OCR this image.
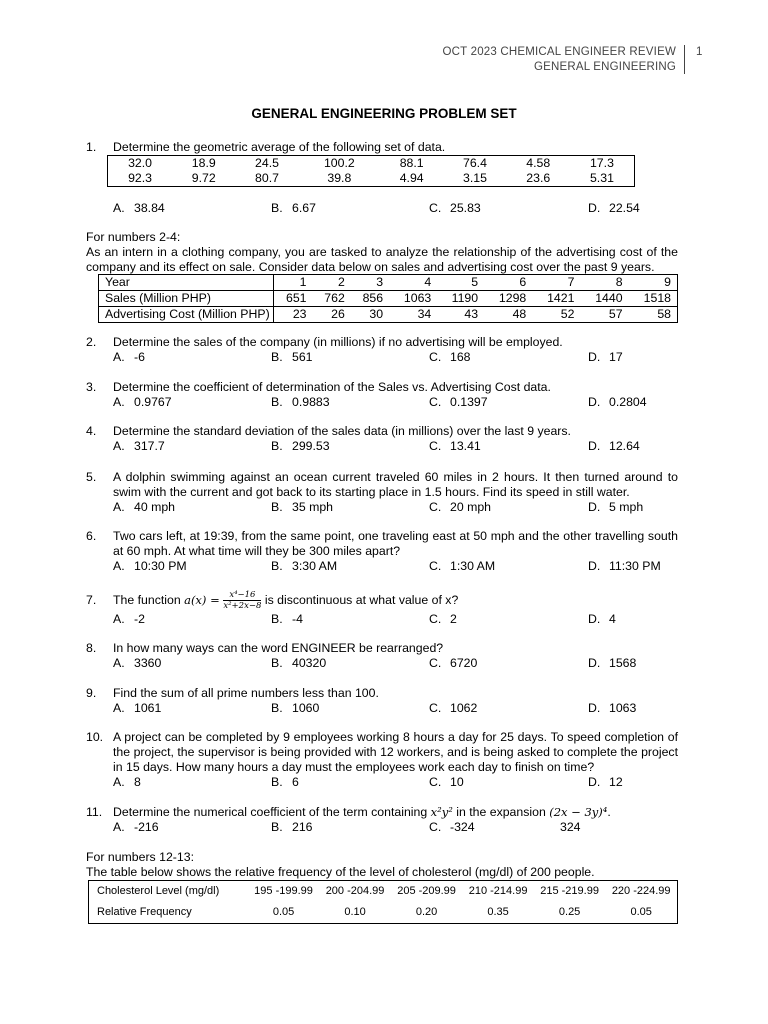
OCT 2023 CHEMICAL ENGINEER REVIEW
GENERAL ENGINEERING
1
GENERAL ENGINEERING PROBLEM SET
1. Determine the geometric average of the following set of data.
32.0	18.9	24.5	100.2	88.1	76.4	4.58	17.3
92.3	9.72	80.7	39.8	4.94	3.15	23.6	5.31
A. 38.84	B. 6.67	C. 25.83	D. 22.54
For numbers 2-4:
As an intern in a clothing company, you are tasked to analyze the relationship of the advertising cost of the company and its effect on sale. Consider data below on sales and advertising cost over the past 9 years.
Year	1	2	3	4	5	6	7	8	9
Sales (Million PHP)	651	762	856	1063	1190	1298	1421	1440	1518
Advertising Cost (Million PHP)	23	26	30	34	43	48	52	57	58
2. Determine the sales of the company (in millions) if no advertising will be employed.
A. -6	B. 561	C. 168	D. 17
3. Determine the coefficient of determination of the Sales vs. Advertising Cost data.
A. 0.9767	B. 0.9883	C. 0.1397	D. 0.2804
4. Determine the standard deviation of the sales data (in millions) over the last 9 years.
A. 317.7	B. 299.53	C. 13.41	D. 12.64
5. A dolphin swimming against an ocean current traveled 60 miles in 2 hours. It then turned around to swim with the current and got back to its starting place in 1.5 hours. Find its speed in still water.
A. 40 mph	B. 35 mph	C. 20 mph	D. 5 mph
6. Two cars left, at 19:39, from the same point, one traveling east at 50 mph and the other travelling south at 60 mph. At what time will they be 300 miles apart?
A. 10:30 PM	B. 3:30 AM	C. 1:30 AM	D. 11:30 PM
7. The function $a(x) = \frac{\text{x⁴−16}}{\text{x²+2x−8}}$ is discontinuous at what value of x?
A. -2	B. -4	C. 2	D. 4
8. In how many ways can the word ENGINEER be rearranged?
A. 3360	B. 40320	C. 6720	D. 1568
9. Find the sum of all prime numbers less than 100.
A. 1061	B. 1060	C. 1062	D. 1063
10. A project can be completed by 9 employees working 8 hours a day for 25 days. To speed completion of the project, the supervisor is being provided with 12 workers, and is being asked to complete the project in 15 days. How many hours a day must the employees work each day to finish on time?
A. 8	B. 6	C. 10	D. 12
11. Determine the numerical coefficient of the term containing x²y² in the expansion (2x − 3y)⁴.
A. -216	B. 216	C. -324	324
For numbers 12-13:
The table below shows the relative frequency of the level of cholesterol (mg/dl) of 200 people.
Cholesterol Level (mg/dl)	195 -199.99	200 -204.99	205 -209.99	210 -214.99	215 -219.99	220 -224.99
Relative Frequency	0.05	0.10	0.20	0.35	0.25	0.05
